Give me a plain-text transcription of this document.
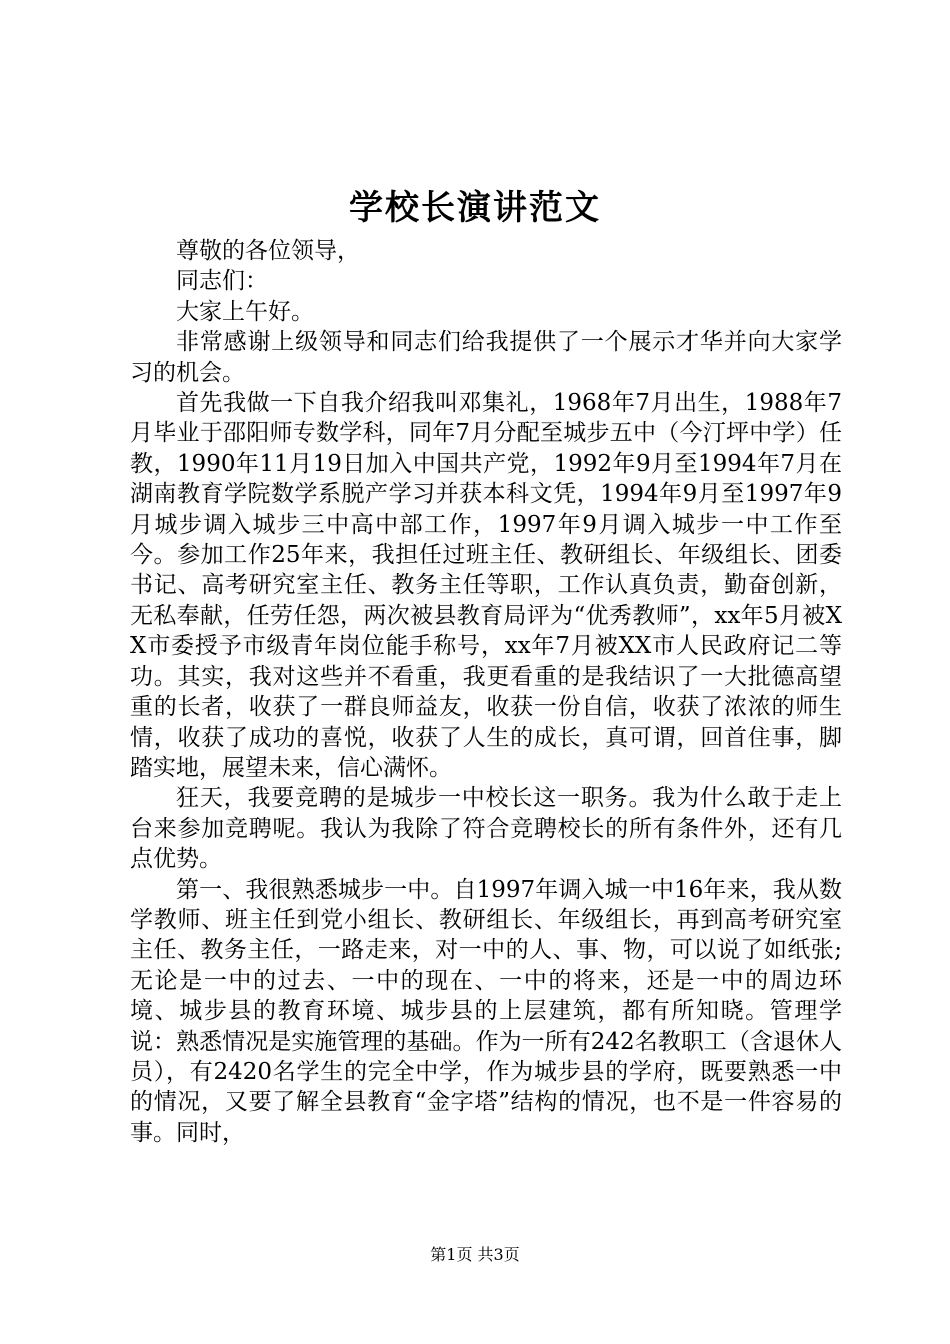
学校长演讲范文

尊敬的各位领导，

同志们：

大家上午好。

非常感谢上级领导和同志们给我提供了一个展示才华并向大家学习的机会。

首先我做一下自我介绍我叫邓集礼，1968年7月出生，1988年7月毕业于邵阳师专数学科，同年7月分配至城步五中（今汀坪中学）任教，1990年11月19日加入中国共产党，1992年9月至1994年7月在湖南教育学院数学系脱产学习并获本科文凭，1994年9月至1997年9月城步调入城步三中高中部工作，1997年9月调入城步一中工作至今。参加工作25年来，我担任过班主任、教研组长、年级组长、团委书记、高考研究室主任、教务主任等职，工作认真负责，勤奋创新，无私奉献，任劳任怨，两次被县教育局评为“优秀教师”，xx年5月被XX市委授予市级青年岗位能手称号，xx年7月被XX市人民政府记二等功。其实，我对这些并不看重，我更看重的是我结识了一大批德高望重的长者，收获了一群良师益友，收获一份自信，收获了浓浓的师生情，收获了成功的喜悦，收获了人生的成长，真可谓，回首住事，脚踏实地，展望未来，信心满怀。

狂天，我要竞聘的是城步一中校长这一职务。我为什么敢于走上台来参加竞聘呢。我认为我除了符合竞聘校长的所有条件外，还有几点优势。

第一、我很熟悉城步一中。自1997年调入城一中16年来，我从数学教师、班主任到党小组长、教研组长、年级组长，再到高考研究室主任、教务主任，一路走来，对一中的人、事、物，可以说了如纸张;无论是一中的过去、一中的现在、一中的将来，还是一中的周边环境、城步县的教育环境、城步县的上层建筑，都有所知晓。管理学说：熟悉情况是实施管理的基础。作为一所有242名教职工（含退休人员），有2420名学生的完全中学，作为城步县的学府，既要熟悉一中的情况，又要了解全县教育“金字塔”结构的情况，也不是一件容易的事。同时，

第1页 共3页
